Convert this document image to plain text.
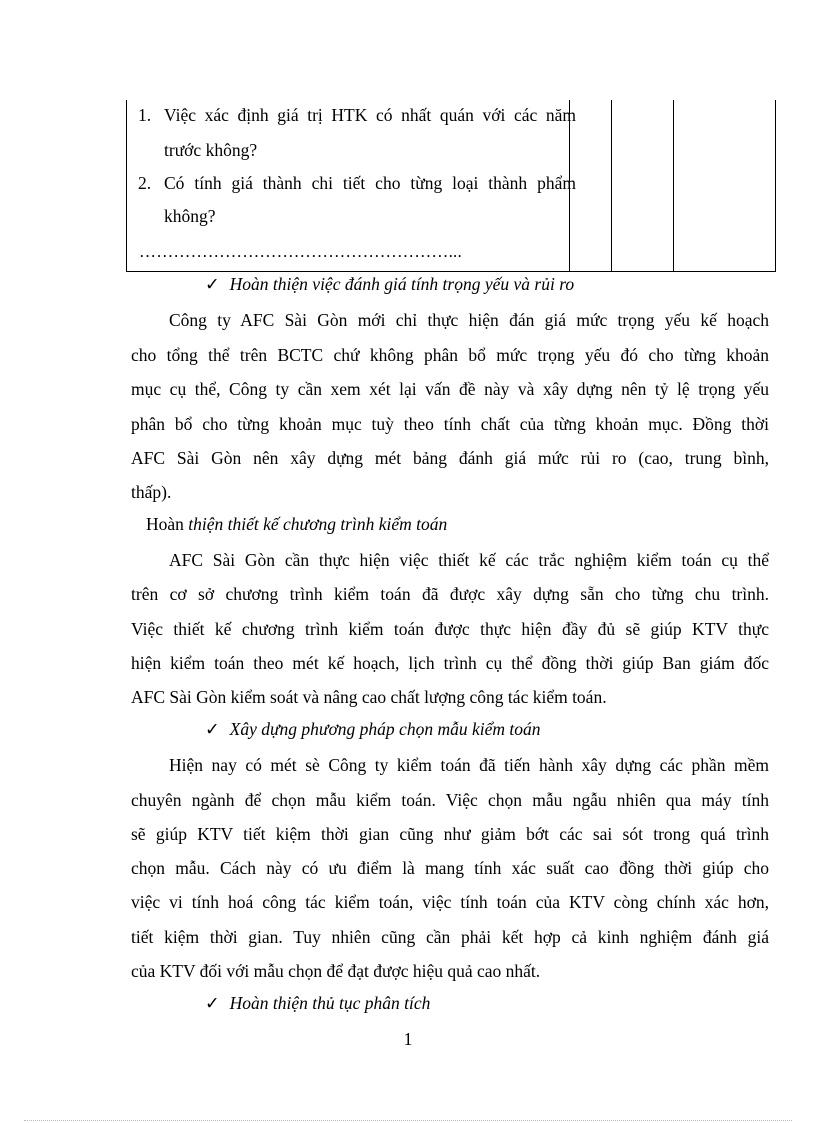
1. Việc xác định giá trị HTK có nhất quán với các năm
trước không?
2. Có tính giá thành chi tiết cho từng loại thành phẩm
không?
………………………………………………...
✓ Hoàn thiện việc đánh giá tính trọng yếu và rủi ro
Công ty AFC Sài Gòn mới chỉ thực hiện đán giá mức trọng yếu kế hoạch
cho tổng thể trên BCTC chứ không phân bổ mức trọng yếu đó cho từng khoản
mục cụ thể, Công ty cần xem xét lại vấn đề này và xây dựng nên tỷ lệ trọng yếu
phân bổ cho từng khoản mục tuỳ theo tính chất của từng khoản mục. Đồng thời
AFC Sài Gòn nên xây dựng mét bảng đánh giá mức rủi ro (cao, trung bình,
thấp).
Hoàn thiện thiết kế chương trình kiểm toán
AFC Sài Gòn cần thực hiện việc thiết kế các trắc nghiệm kiểm toán cụ thể
trên cơ sở chương trình kiểm toán đã được xây dựng sẵn cho từng chu trình.
Việc thiết kế chương trình kiểm toán được thực hiện đầy đủ sẽ giúp KTV thực
hiện kiểm toán theo mét kế hoạch, lịch trình cụ thể đồng thời giúp Ban giám đốc
AFC Sài Gòn kiểm soát và nâng cao chất lượng công tác kiểm toán.
✓ Xây dựng phương pháp chọn mẫu kiểm toán
Hiện nay có mét sè Công ty kiểm toán đã tiến hành xây dựng các phần mềm
chuyên ngành để chọn mẫu kiểm toán. Việc chọn mẫu ngẫu nhiên qua máy tính
sẽ giúp KTV tiết kiệm thời gian cũng như giảm bớt các sai sót trong quá trình
chọn mẫu. Cách này có ưu điểm là mang tính xác suất cao đồng thời giúp cho
việc vi tính hoá công tác kiểm toán, việc tính toán của KTV còng chính xác hơn,
tiết kiệm thời gian. Tuy nhiên cũng cần phải kết hợp cả kinh nghiệm đánh giá
của KTV đối với mẫu chọn để đạt được hiệu quả cao nhất.
✓ Hoàn thiện thủ tục phân tích
1
